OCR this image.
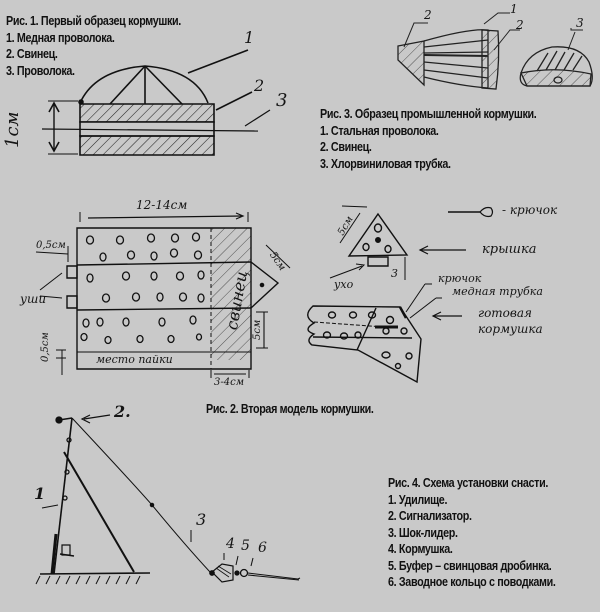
Рис. 1. Первый образец кормушки.
1. Медная проволока.
2. Свинец.
3. Проволока.
Рис. 3. Образец промышленной кормушки.
1. Стальная проволока.
2. Свинец.
3. Хлорвиниловая трубка.
Рис. 2. Вторая модель кормушки.
Рис. 4. Схема установки снасти.
1. Удилище.
2. Сигнализатор.
3. Шок-лидер.
4. Кормушка.
5. Буфер – свинцовая дробинка.
6. Заводное кольцо с поводками.
1
2
3
1см
2	1
2	3
12-14см
0,5см
уши
0,5см	место пайки
свинец
3-4см
5см
5см
5см
- крючок
крышка
ухо
3	крючок
медная трубка
готовая
кормушка
1
2.
3
4 5 6
